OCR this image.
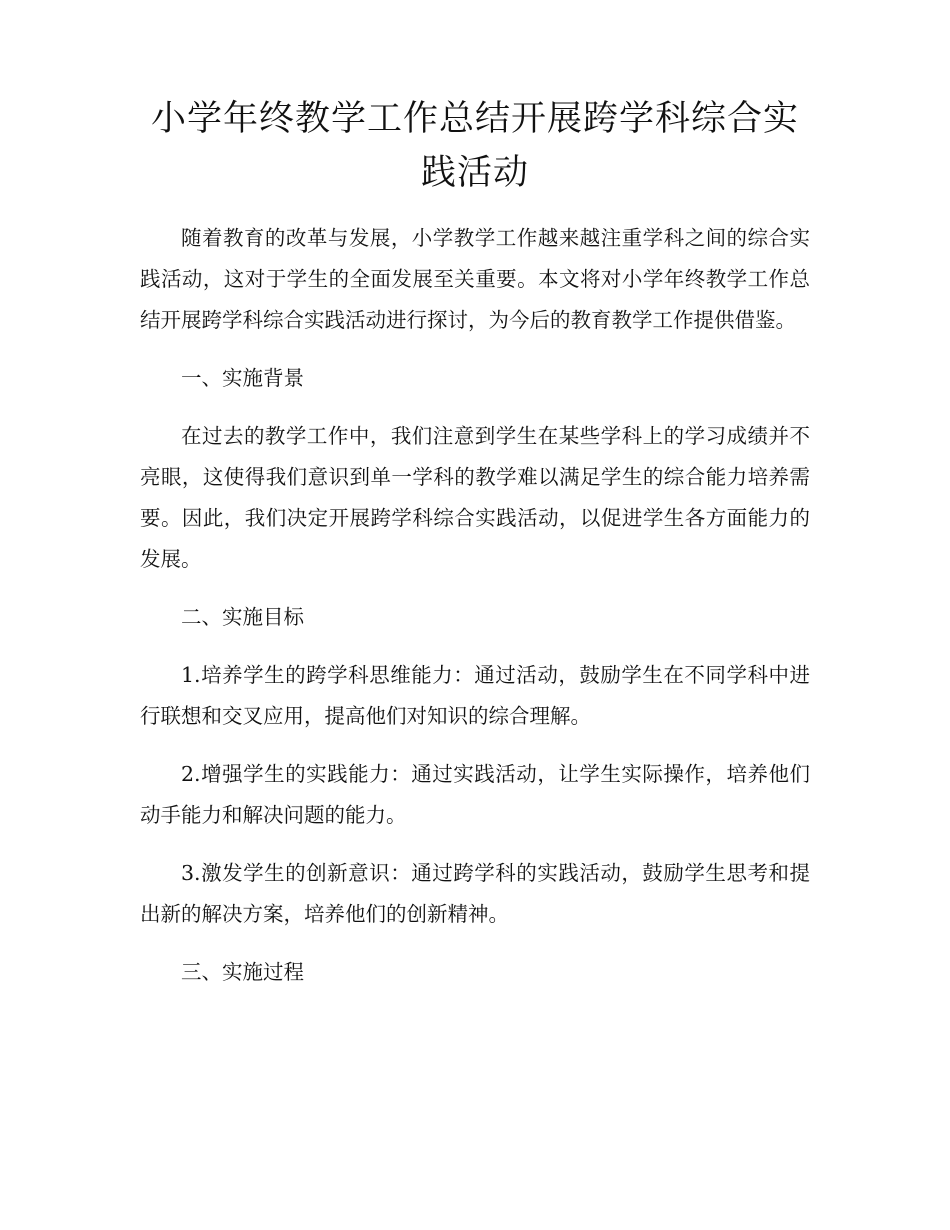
小学年终教学工作总结开展跨学科综合实践活动

随着教育的改革与发展，小学教学工作越来越注重学科之间的综合实践活动，这对于学生的全面发展至关重要。本文将对小学年终教学工作总结开展跨学科综合实践活动进行探讨，为今后的教育教学工作提供借鉴。

一、实施背景

在过去的教学工作中，我们注意到学生在某些学科上的学习成绩并不亮眼，这使得我们意识到单一学科的教学难以满足学生的综合能力培养需要。因此，我们决定开展跨学科综合实践活动，以促进学生各方面能力的发展。

二、实施目标

1.培养学生的跨学科思维能力：通过活动，鼓励学生在不同学科中进行联想和交叉应用，提高他们对知识的综合理解。

2.增强学生的实践能力：通过实践活动，让学生实际操作，培养他们动手能力和解决问题的能力。

3.激发学生的创新意识：通过跨学科的实践活动，鼓励学生思考和提出新的解决方案，培养他们的创新精神。

三、实施过程
